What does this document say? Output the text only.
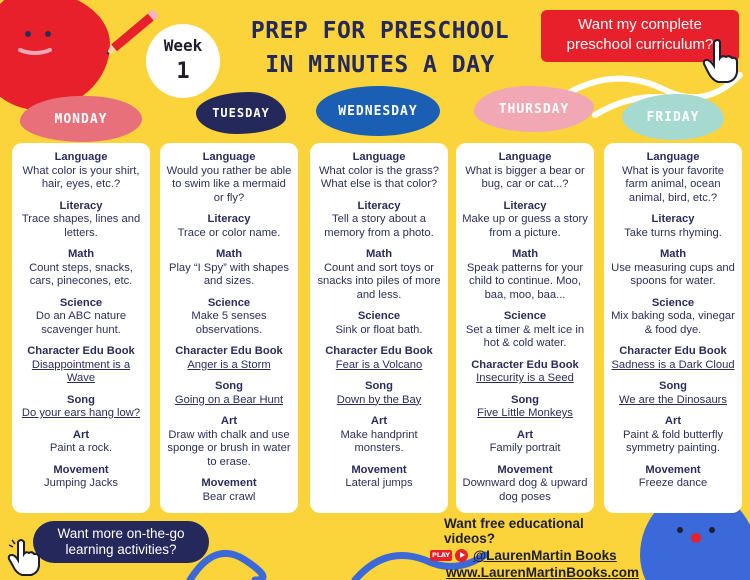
Week
1
PREP FOR PRESCHOOL
IN MINUTES A DAY
Want my complete
preschool curriculum?
MONDAY	TUESDAY	WEDNESDAY	THURSDAY
FRIDAY
Language
What color is your shirt, hair, eyes, etc.?
Literacy
Trace shapes, lines and letters.
Math
Count steps, snacks, cars, pinecones, etc.
Science
Do an ABC nature scavenger hunt.
Character Edu Book
Disappointment is a Wave
Song
Do your ears hang low?
Art
Paint a rock.
Movement
Jumping Jacks
Language
Would you rather be able to swim like a mermaid or fly?
Literacy
Trace or color name.
Math
Play “I Spy” with shapes and sizes.
Science
Make 5 senses observations.
Character Edu Book
Anger is a Storm
Song
Going on a Bear Hunt
Art
Draw with chalk and use sponge or brush in water to erase.
Movement
Bear crawl
Language
What color is the grass? What else is that color?
Literacy
Tell a story about a memory from a photo.
Math
Count and sort toys or snacks into piles of more and less.
Science
Sink or float bath.
Character Edu Book
Fear is a Volcano
Song
Down by the Bay
Art
Make handprint monsters.
Movement
Lateral jumps
Language
What is bigger a bear or bug, car or cat...?
Literacy
Make up or guess a story from a picture.
Math
Speak patterns for your child to continue. Moo, baa, moo, baa...
Science
Set a timer & melt ice in hot & cold water.
Character Edu Book
Insecurity is a Seed
Song
Five Little Monkeys
Art
Family portrait
Movement
Downward dog & upward dog poses
Language
What is your favorite farm animal, ocean animal, bird, etc.?
Literacy
Take turns rhyming.
Math
Use measuring cups and spoons for water.
Science
Mix baking soda, vinegar & food dye.
Character Edu Book
Sadness is a Dark Cloud
Song
We are the Dinosaurs
Art
Paint & fold butterfly symmetry painting.
Movement
Freeze dance
Want more on-the-go
learning activities?
Want free educational videos?
PLAY @LaurenMartin Books
www.LaurenMartinBooks.com
